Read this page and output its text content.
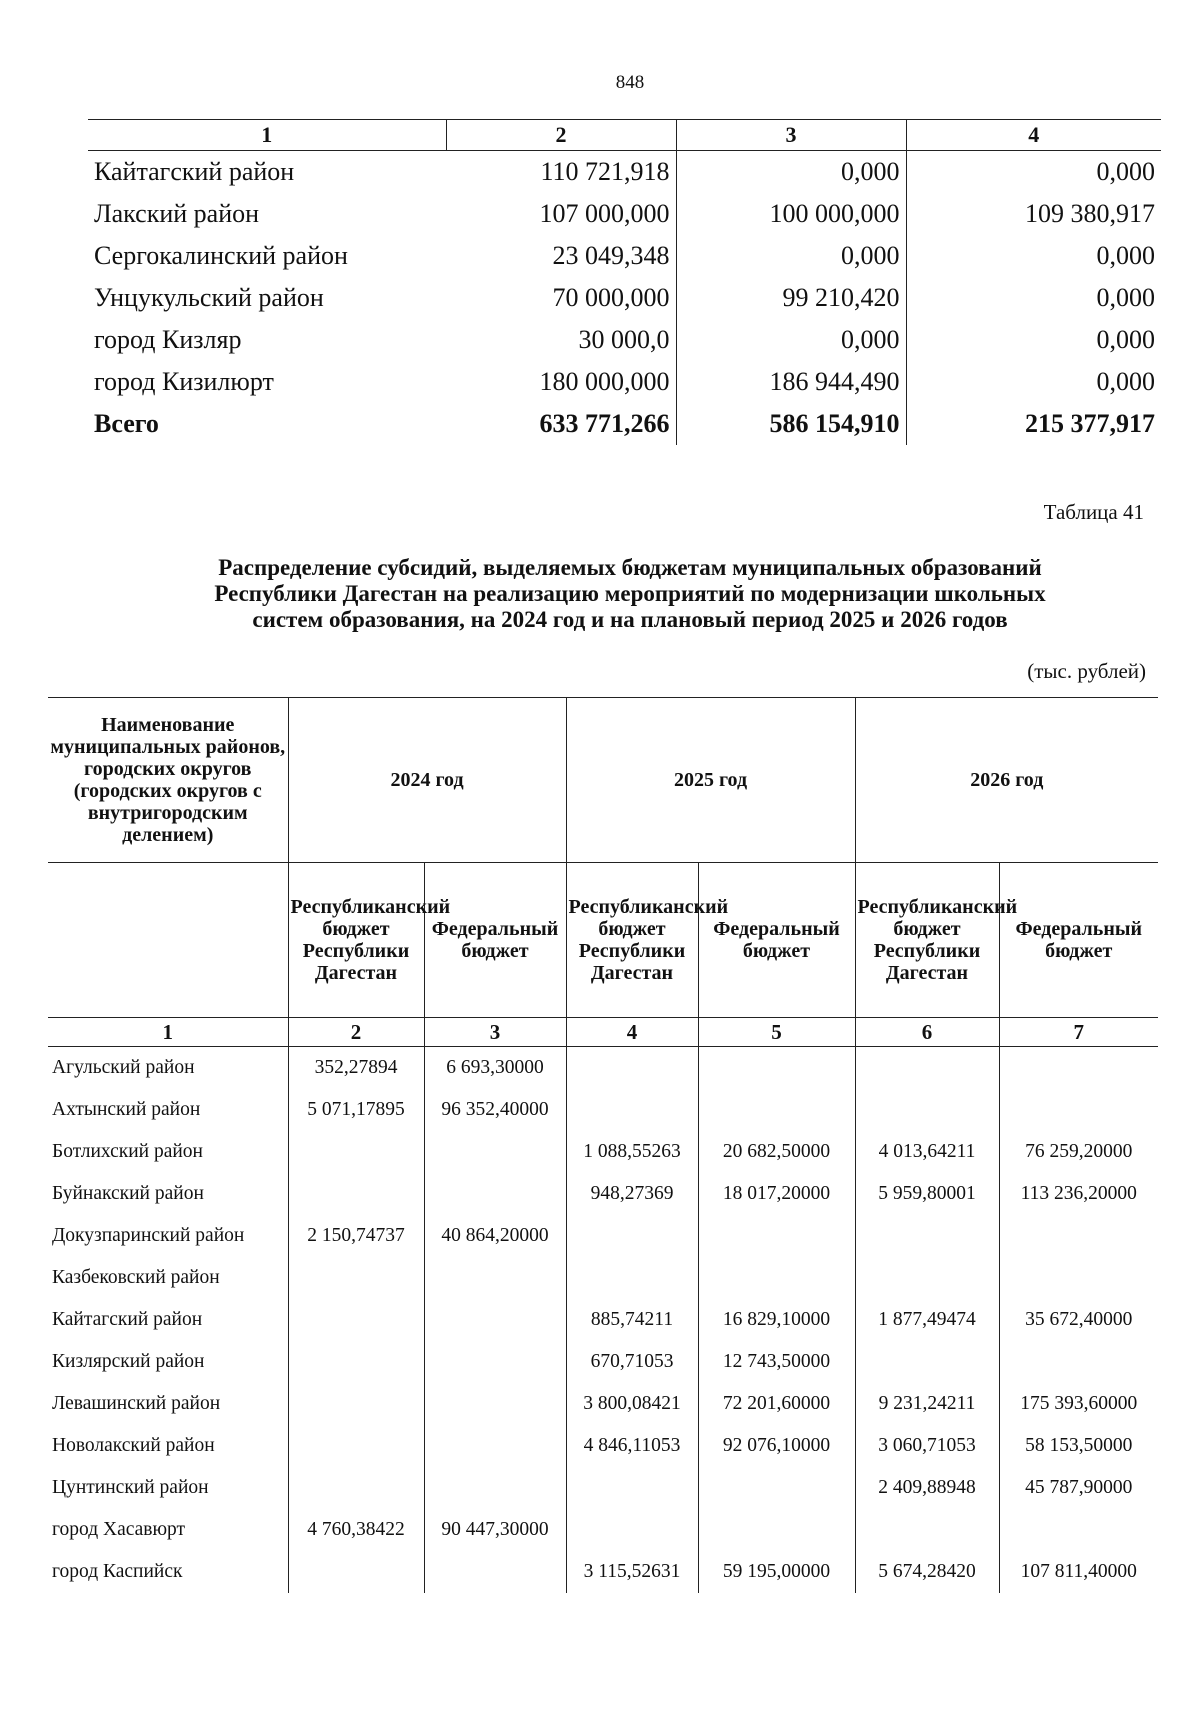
848
1	2	3	4
Кайтагский район	110 721,918	0,000	0,000
Лакский район	107 000,000	100 000,000	109 380,917
Сергокалинский район	23 049,348	0,000	0,000
Унцукульский район	70 000,000	99 210,420	0,000
город Кизляр	30 000,0	0,000	0,000
город Кизилюрт	180 000,000	186 944,490	0,000
Всего	633 771,266	586 154,910	215 377,917
Таблица 41
Распределение субсидий, выделяемых бюджетам муниципальных образований
Республики Дагестан на реализацию мероприятий по модернизации школьных
систем образования, на 2024 год и на плановый период 2025 и 2026 годов
(тыс. рублей)
Наименование муниципальных районов, городских округов (городских округов с внутригородским делением)	2024 год		2025 год		2026 год	
	Республиканский бюджет Республики Дагестан	Федеральный бюджет	Республиканский бюджет Республики Дагестан	Федеральный бюджет	Республиканский бюджет Республики Дагестан	Федеральный бюджет
1	2	3	4	5	6	7
Агульский район	352,27894	6 693,30000				
Ахтынский район	5 071,17895	96 352,40000				
Ботлихский район			1 088,55263	20 682,50000	4 013,64211	76 259,20000
Буйнакский район			948,27369	18 017,20000	5 959,80001	113 236,20000
Докузпаринский район	2 150,74737	40 864,20000				
Казбековский район						
Кайтагский район			885,74211	16 829,10000	1 877,49474	35 672,40000
Кизлярский район			670,71053	12 743,50000		
Левашинский район			3 800,08421	72 201,60000	9 231,24211	175 393,60000
Новолакский район			4 846,11053	92 076,10000	3 060,71053	58 153,50000
Цунтинский район					2 409,88948	45 787,90000
город Хасавюрт	4 760,38422	90 447,30000				
город Каспийск			3 115,52631	59 195,00000	5 674,28420	107 811,40000
